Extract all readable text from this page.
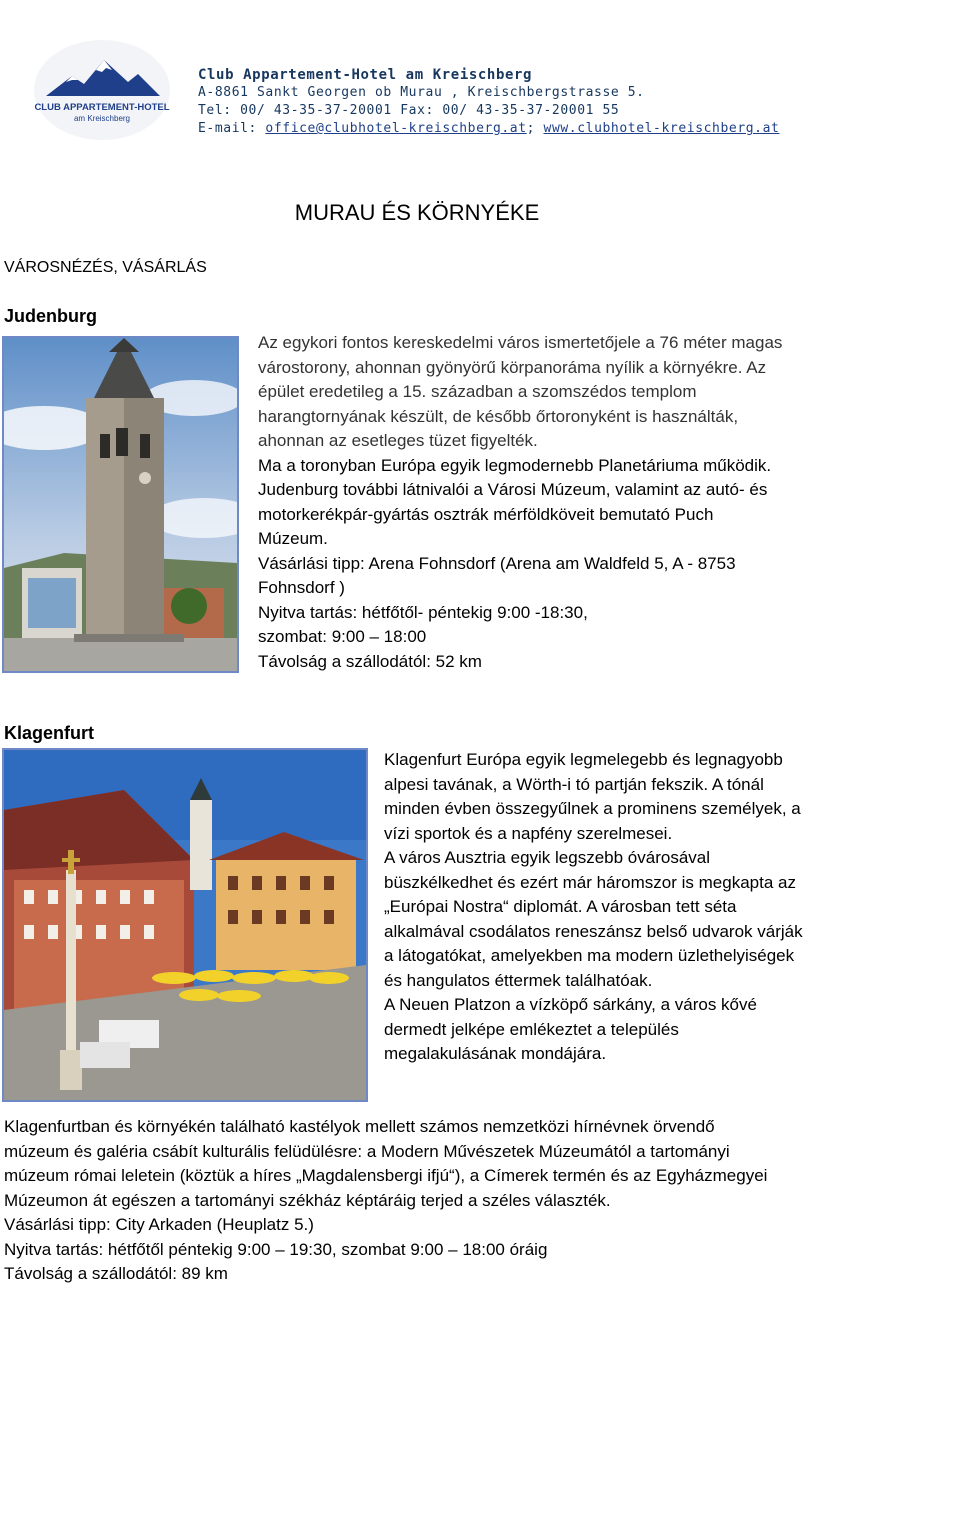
CLUB APPARTEMENT-HOTEL
am Kreischberg
Club Appartement-Hotel am Kreischberg
A-8861 Sankt Georgen ob Murau , Kreischbergstrasse 5.
Tel: 00/ 43-35-37-20001 Fax: 00/ 43-35-37-20001 55
E-mail: office@clubhotel-kreischberg.at; www.clubhotel-kreischberg.at
MURAU ÉS KÖRNYÉKE
VÁROSNÉZÉS, VÁSÁRLÁS
Judenburg
Az egykori fontos kereskedelmi város ismertetőjele a 76 méter magas
várostorony, ahonnan gyönyörű körpanoráma nyílik a környékre. Az
épület eredetileg a 15. században a szomszédos templom
harangtornyának készült, de később őrtoronyként is használták,
ahonnan az esetleges tüzet figyelték.
Ma a toronyban Európa egyik legmodernebb Planetáriuma működik.
Judenburg további látnivalói a Városi Múzeum, valamint az autó- és
motorkerékpár-gyártás osztrák mérföldköveit bemutató Puch
Múzeum.
Vásárlási tipp: Arena Fohnsdorf (Arena am Waldfeld 5, A - 8753
Fohnsdorf )
Nyitva tartás: hétfőtől- péntekig 9:00 -18:30,
szombat: 9:00 – 18:00
Távolság a szállodától: 52 km
Klagenfurt
Klagenfurt Európa egyik legmelegebb és legnagyobb
alpesi tavának, a Wörth-i tó partján fekszik. A tónál
minden évben összegyűlnek a prominens személyek, a
vízi sportok és a napfény szerelmesei.
A város Ausztria egyik legszebb óvárosával
büszkélkedhet és ezért már háromszor is megkapta az
„Európai Nostra“ diplomát. A városban tett séta
alkalmával csodálatos reneszánsz belső udvarok várják
a látogatókat, amelyekben ma modern üzlethelyiségek
és hangulatos éttermek találhatóak.
A Neuen Platzon a vízköpő sárkány, a város kővé
dermedt jelképe emlékeztet a település
megalakulásának mondájára.
Klagenfurtban és környékén található kastélyok mellett számos nemzetközi hírnévnek örvendő
múzeum és galéria csábít kulturális felüdülésre: a Modern Művészetek Múzeumától a tartományi
múzeum római leletein (köztük a híres „Magdalensbergi ifjú“), a Címerek termén és az Egyházmegyei
Múzeumon át egészen a tartományi székház képtáráig terjed a széles választék.
Vásárlási tipp: City Arkaden (Heuplatz 5.)
Nyitva tartás: hétfőtől péntekig 9:00 – 19:30, szombat 9:00 – 18:00 óráig
Távolság a szállodától: 89 km
